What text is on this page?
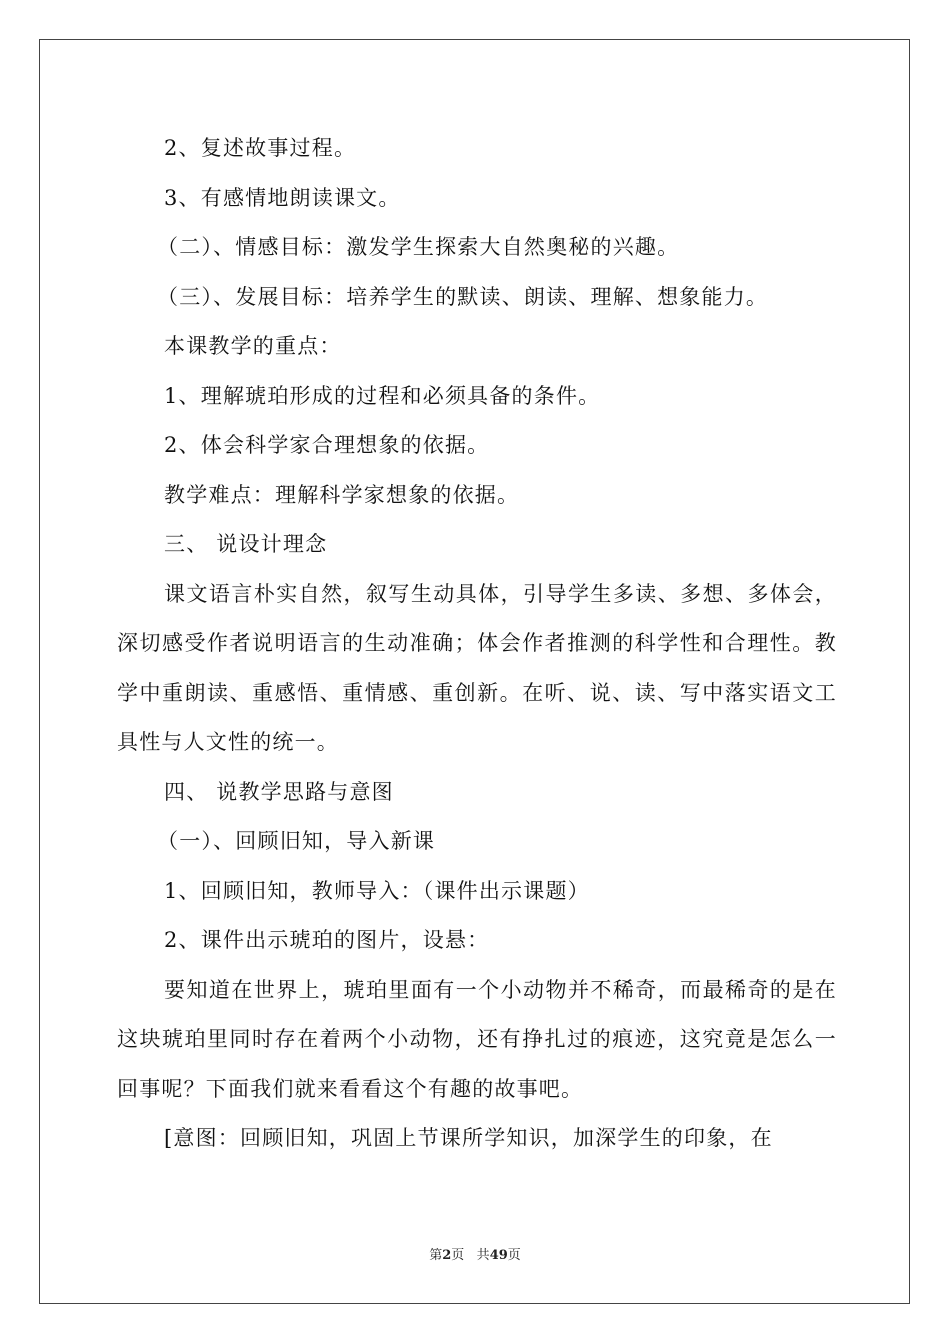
2、复述故事过程。

3、有感情地朗读课文。

（二）、情感目标：激发学生探索大自然奥秘的兴趣。

（三）、发展目标：培养学生的默读、朗读、理解、想象能力。

本课教学的重点：

1、理解琥珀形成的过程和必须具备的条件。

2、体会科学家合理想象的依据。

教学难点：理解科学家想象的依据。

三、 说设计理念

课文语言朴实自然，叙写生动具体，引导学生多读、多想、多体会，深切感受作者说明语言的生动准确；体会作者推测的科学性和合理性。教学中重朗读、重感悟、重情感、重创新。在听、说、读、写中落实语文工具性与人文性的统一。

四、 说教学思路与意图

（一）、回顾旧知，导入新课

1、回顾旧知，教师导入：（课件出示课题）

2、课件出示琥珀的图片，设悬：

要知道在世界上，琥珀里面有一个小动物并不稀奇，而最稀奇的是在这块琥珀里同时存在着两个小动物，还有挣扎过的痕迹，这究竟是怎么一回事呢？下面我们就来看看这个有趣的故事吧。

[意图：回顾旧知，巩固上节课所学知识，加深学生的印象，在

第2页 共49页
